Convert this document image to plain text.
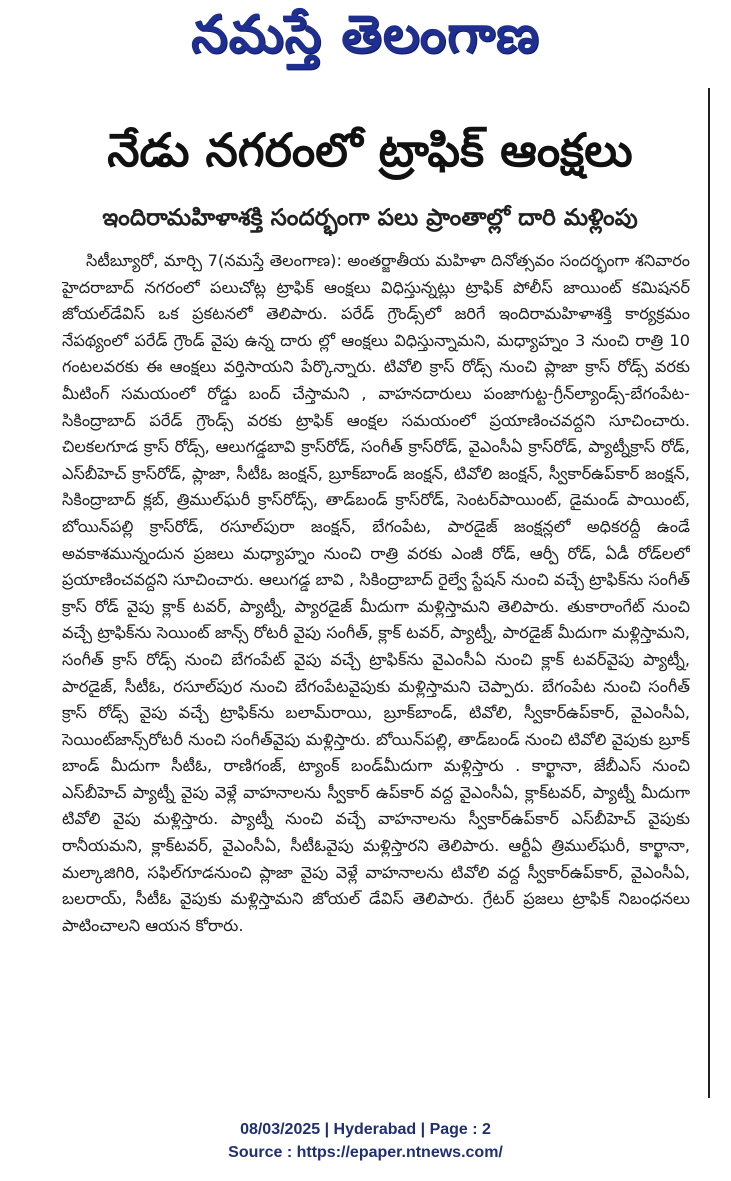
నమస్తే తెలంగాణ
నేడు నగరంలో ట్రాఫిక్ ఆంక్షలు
ఇందిరామహిళాశక్తి సందర్భంగా పలు ప్రాంతాల్లో దారి మళ్లింపు

సిటీబ్యూరో, మార్చి 7(నమస్తే తెలంగాణ): అంతర్జాతీయ మహిళా దినోత్సవం సందర్భంగా శనివారం హైదరాబాద్ నగరంలో పలుచోట్ల ట్రాఫిక్ ఆంక్షలు విధిస్తున్నట్లు ట్రాఫిక్ పోలీస్ జాయింట్ కమిషనర్ జోయల్‌డేవిస్ ఒక ప్రకటనలో తెలిపారు. పరేడ్ గ్రౌండ్స్‌లో జరిగే ఇందిరామహిళాశక్తి కార్యక్రమం నేపథ్యంలో పరేడ్ గ్రౌండ్ వైపు ఉన్న దారు ల్లో ఆంక్షలు విధిస్తున్నామని, మధ్యాహ్నం 3 నుంచి రాత్రి 10 గంటలవరకు ఈ ఆంక్షలు వర్తిసాయని పేర్కొన్నారు. టివోలి క్రాస్ రోడ్స్ నుంచి ప్లాజా క్రాస్ రోడ్స్ వరకు మీటింగ్ సమయంలో రోడ్డు బంద్ చేస్తామని , వాహనదారులు పంజాగుట్ట-గ్రీన్‌ల్యాండ్స్-బేగంపేట-సికింద్రాబాద్ పరేడ్ గ్రౌండ్స్ వరకు ట్రాఫిక్ ఆంక్షల సమయంలో ప్రయాణించవద్దని సూచించారు. చిలకలగూడ క్రాస్ రోడ్స్, ఆలుగడ్డబావి క్రాస్‌రోడ్, సంగీత్ క్రాస్‌రోడ్, వైఎంసీఏ క్రాస్‌రోడ్, ప్యాట్నీక్రాస్ రోడ్, ఎస్‌బీహెచ్ క్రాస్‌రోడ్, ప్లాజా, సీటీఓ జంక్షన్, బ్రూక్‌బాండ్ జంక్షన్, టివోలి జంక్షన్, స్వీకార్‌ఉప్‌కార్ జంక్షన్, సికింద్రాబాద్ క్లబ్, త్రిముల్‌ఘరీ క్రాస్‌రోడ్స్, తాడ్‌బండ్ క్రాస్‌రోడ్, సెంటర్‌పాయింట్, డైమండ్ పాయింట్, బోయిన్‌పల్లి క్రాస్‌రోడ్, రసూల్‌పురా జంక్షన్, బేగంపేట, పారడైజ్ జంక్షన్లలో అధికరద్దీ ఉండే అవకాశమున్నందున ప్రజలు మధ్యాహ్నం నుంచి రాత్రి వరకు ఎంజీ రోడ్, ఆర్పీ రోడ్, ఏడీ రోడ్‌లలో ప్రయాణించవద్దని సూచించారు. ఆలుగడ్డ బావి , సికింద్రాబాద్ రైల్వే స్టేషన్ నుంచి వచ్చే ట్రాఫిక్‌ను సంగీత్ క్రాస్ రోడ్ వైపు క్లాక్ టవర్, ప్యాట్నీ, ప్యారడైజ్ మీదుగా మళ్లిస్తామని తెలిపారు. తుకారాంగేట్ నుంచి వచ్చే ట్రాఫిక్‌ను సెయింట్ జాన్స్ రోటరీ వైపు సంగీత్, క్లాక్ టవర్, ప్యాట్నీ, పారడైజ్ మీదుగా మళ్లిస్తామని, సంగీత్ క్రాస్ రోడ్స్ నుంచి బేగంపేట్ వైపు వచ్చే ట్రాఫిక్‌ను వైఎంసీఏ నుంచి క్లాక్ టవర్‌వైపు ప్యాట్నీ, పారడైజ్, సీటీఓ, రసూల్‌పుర నుంచి బేగంపేటవైపుకు మళ్లిస్తామని చెప్పారు. బేగంపేట నుంచి సంగీత్ క్రాస్ రోడ్స్ వైపు వచ్చే ట్రాఫిక్‌ను బలామ్‌రాయి, బ్రూక్‌బాండ్, టివోలి, స్వీకార్‌ఉప్‌కార్, వైఎంసీఏ, సెయింట్‌జాన్స్‌రోటరీ నుంచి సంగీత్‌వైపు మళ్లిస్తారు. బోయిన్‌పల్లి, తాడ్‌బండ్ నుంచి టివోలి వైపుకు బ్రూక్ బాండ్ మీదుగా సీటీఓ, రాణిగంజ్, ట్యాంక్ బండ్‌మీదుగా మళ్లిస్తారు . కార్ఖానా, జేబీఎస్ నుంచి ఎస్‌బీహెచ్ ప్యాట్నీ వైపు వెళ్లే వాహనాలను స్వీకార్ ఉప్‌కార్ వద్ద వైఎంసీఏ, క్లాక్‌టవర్, ప్యాట్నీ మీదుగా టివోలి వైపు మళ్లిస్తారు. ప్యాట్నీ నుంచి వచ్చే వాహనాలను స్వీకార్‌ఉప్‌కార్ ఎస్‌బీహెచ్ వైపుకు రానీయమని, క్లాక్‌టవర్, వైఎంసీఏ, సీటీఓవైపు మళ్లిస్తారని తెలిపారు. ఆర్టీఏ త్రిముల్‌ఘరీ, కార్ఖానా, మల్కాజిగిరి, సఫిల్‌గూడనుంచి ప్లాజా వైపు వెళ్లే వాహనాలను టివోలి వద్ద స్వీకార్‌ఉప్‌కార్, వైఎంసీఏ, బలరాయ్, సీటీఓ వైపుకు మళ్లిస్తామని జోయల్ డేవిస్ తెలిపారు. గ్రేటర్ ప్రజలు ట్రాఫిక్ నిబంధనలు పాటించాలని ఆయన కోరారు.

08/03/2025 | Hyderabad | Page : 2
Source : https://epaper.ntnews.com/
